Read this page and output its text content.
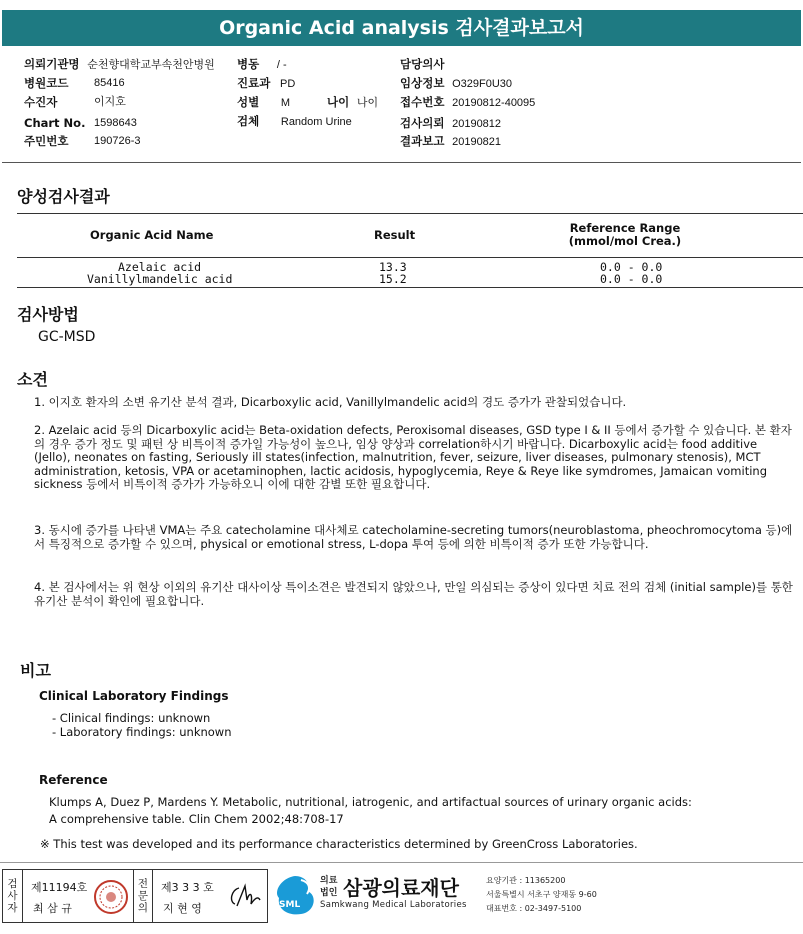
Organic Acid analysis 검사결과보고서
의뢰기관명 순천향대학교부속천안병원 병동 / -	담당의사
병원코드 85416	진료과 PD	임상정보 O329F0U30
수진자	이지호	성별 M	나이 나이 접수번호 20190812-40095
Chart No. 1598643	검체 Random Urine	검사의뢰 20190812
주민번호 190726-3	결과보고 20190821
양성검사결과
Organic Acid Name	Result	Reference Range
(mmol/mol Crea.)
Azelaic acid	13.3	0.0 - 0.0
Vanillylmandelic acid	15.2	0.0 - 0.0
검사방법
GC-MSD
소견
1. 이지호 환자의 소변 유기산 분석 결과, Dicarboxylic acid, Vanillylmandelic acid의 경도 증가가 관찰되었습니다.
2. Azelaic acid 등의 Dicarboxylic acid는 Beta-oxidation defects, Peroxisomal diseases, GSD type I & II 등에서 증가할 수 있습니다. 본 환자의 경우 증가 정도 및 패턴 상 비특이적 증가일 가능성이 높으나, 임상 양상과 correlation하시기 바랍니다. Dicarboxylic acid는 food additive (Jello), neonates on fasting, Seriously ill states(infection, malnutrition, fever, seizure, liver diseases, pulmonary stenosis), MCT administration, ketosis, VPA or acetaminophen, lactic acidosis, hypoglycemia, Reye & Reye like symdromes, Jamaican vomiting sickness 등에서 비특이적 증가가 가능하오니 이에 대한 감별 또한 필요합니다.
3. 동시에 증가를 나타낸 VMA는 주요 catecholamine 대사체로 catecholamine-secreting tumors(neuroblastoma, pheochromocytoma 등)에서 특징적으로 증가할 수 있으며, physical or emotional stress, L-dopa 투여 등에 의한 비특이적 증가 또한 가능합니다.
4. 본 검사에서는 위 현상 이외의 유기산 대사이상 특이소견은 발견되지 않았으나, 만일 의심되는 증상이 있다면 치료 전의 검체 (initial sample)를 통한 유기산 분석이 확인에 필요합니다.
비고
Clinical Laboratory Findings
- Clinical findings: unknown
- Laboratory findings: unknown
Reference
Klumps A, Duez P, Mardens Y. Metabolic, nutritional, iatrogenic, and artifactual sources of urinary organic acids:
A comprehensive table. Clin Chem 2002;48:708-17
※ This test was developed and its performance characteristics determined by GreenCross Laboratories.
검사자
제11194호
최 삼 규
전문의
제3 3 3 호
지 현 영	SML
의료
법인 삼광의료재단
Samkwang Medical Laboratories
요양기관 : 11365200
서울특별시 서초구 양재동 9-60
대표번호 : 02-3497-5100
